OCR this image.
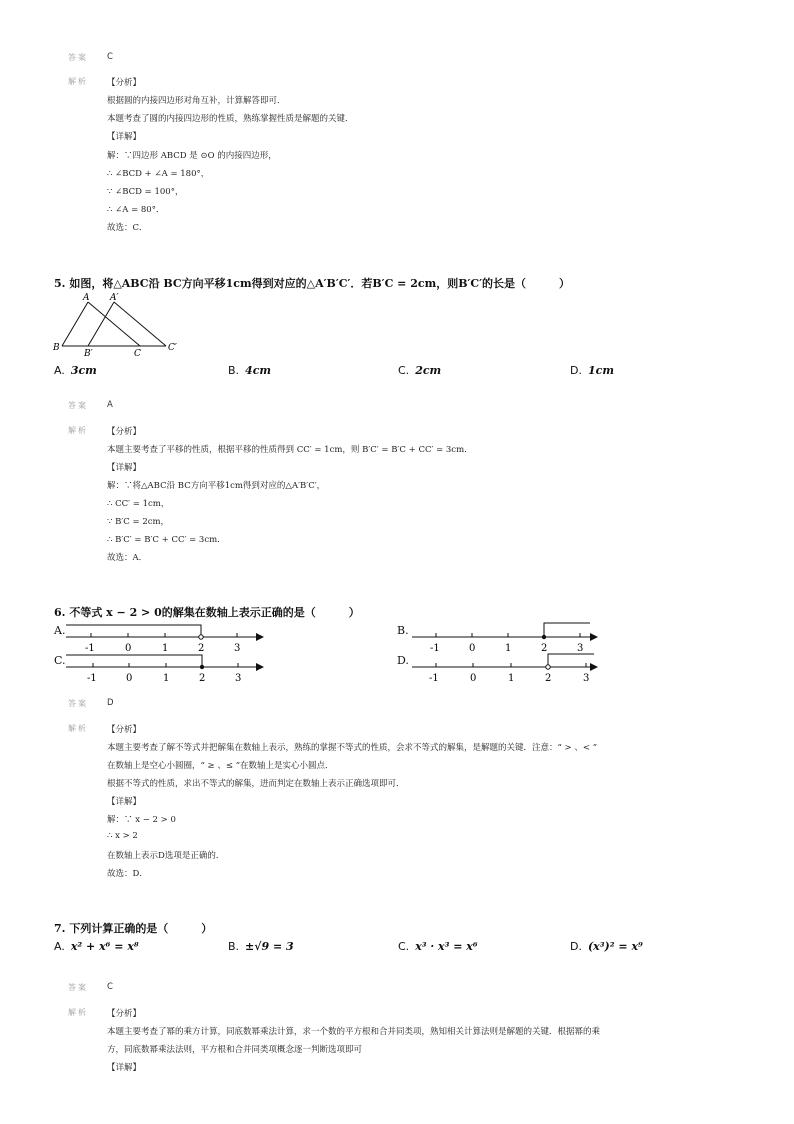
答案 C
解析 【分析】
根据圆的内接四边形对角互补，计算解答即可．
本题考查了圆的内接四边形的性质，熟练掌握性质是解题的关键．
【详解】
解：∵四边形 ABCD 是 ⊙O 的内接四边形，
∴ ∠BCD + ∠A = 180°，
∵ ∠BCD = 100°，
∴ ∠A = 80°．
故选：C．
5. 如图，将△ABC沿 BC方向平移1cm得到对应的△A′B′C′．若B′C = 2cm，则B′C′的长是（　　　）
A A′
B
B′	C
C′
A. 3cm	B. 4cm	C. 2cm	D. 1cm
答案 A
解析 【分析】
本题主要考查了平移的性质，根据平移的性质得到 CC′ = 1cm，则 B′C′ = B′C + CC′ = 3cm．
【详解】
解：∵将△ABC沿 BC方向平移1cm得到对应的△A′B′C′，
∴ CC′ = 1cm，
∵ B′C = 2cm，
∴ B′C′ = B′C + CC′ = 3cm．
故选：A．
6. 不等式 x − 2 > 0的解集在数轴上表示正确的是（　　　）
A.	B.
C.	D.
-1	0	1	2	3	-1	0	1	2	3
-1	0	1	2	3	-1	0	1	2	3
答案 D
解析 【分析】
本题主要考查了解不等式并把解集在数轴上表示，熟练的掌握不等式的性质，会求不等式的解集，是解题的关键．注意：“ > 、< ”
在数轴上是空心小圆圈，“ ≥ 、≤ ”在数轴上是实心小圆点．
根据不等式的性质，求出不等式的解集，进而判定在数轴上表示正确选项即可．
【详解】
解：∵ x − 2 > 0
∴ x > 2
在数轴上表示D选项是正确的．
故选：D．
7. 下列计算正确的是（　　　）
A. x² + x⁶ = x⁸	B. ±√9 = 3	C. x³ · x³ = x⁶	D. (x³)² = x⁹
答案 C
解析 【分析】
本题主要考查了幂的乘方计算，同底数幂乘法计算，求一个数的平方根和合并同类项，熟知相关计算法则是解题的关键．根据幂的乘
方，同底数幂乘法法则，平方根和合并同类项概念逐一判断选项即可
【详解】
